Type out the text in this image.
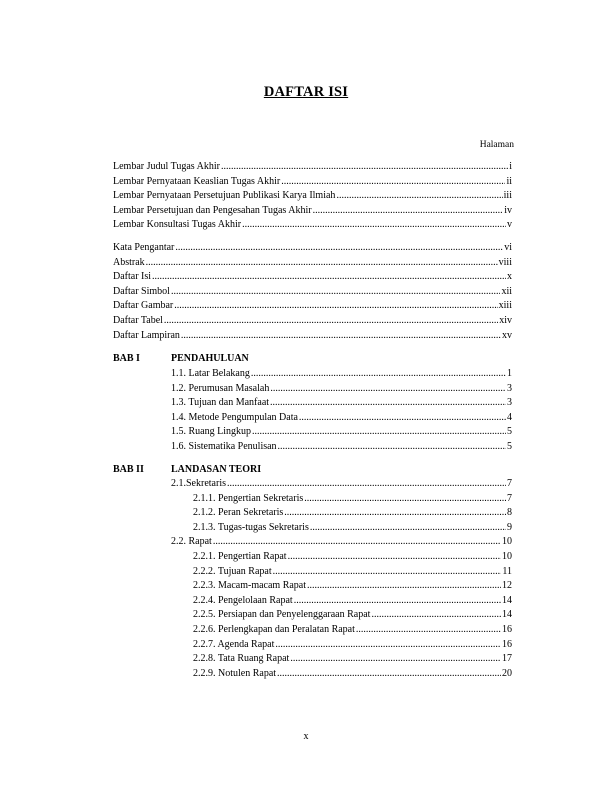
DAFTAR ISI
Halaman
Lembar Judul Tugas Akhir .....	i
Lembar Pernyataan Keaslian Tugas Akhir .....	ii
Lembar Pernyataan Persetujuan Publikasi Karya Ilmiah .....	iii
Lembar Persetujuan dan Pengesahan Tugas Akhir .....	iv
Lembar Konsultasi Tugas Akhir .....	v
Kata Pengantar .....	vi
Abstrak .....	viii
Daftar Isi .....	x
Daftar Simbol .....	xii
Daftar Gambar .....	xiii
Daftar Tabel .....	xiv
Daftar Lampiran .....	xv
BAB I	PENDAHULUAN
1.1. Latar Belakang .....	1
1.2. Perumusan Masalah .....	3
1.3. Tujuan dan Manfaat .....	3
1.4. Metode Pengumpulan Data .....	4
1.5. Ruang Lingkup .....	5
1.6. Sistematika Penulisan .....	5
BAB II	LANDASAN TEORI
2.1.Sekretaris .....	7
2.1.1. Pengertian Sekretaris .....	7
2.1.2. Peran Sekretaris .....	8
2.1.3. Tugas-tugas Sekretaris .....	9
2.2. Rapat .....	10
2.2.1. Pengertian Rapat .....	10
2.2.2. Tujuan Rapat .....	11
2.2.3. Macam-macam Rapat .....	12
2.2.4. Pengelolaan Rapat .....	14
2.2.5. Persiapan dan Penyelenggaraan Rapat .....	14
2.2.6. Perlengkapan dan Peralatan Rapat .....	16
2.2.7. Agenda Rapat .....	16
2.2.8. Tata Ruang Rapat .....	17
2.2.9. Notulen Rapat .....	20
x
